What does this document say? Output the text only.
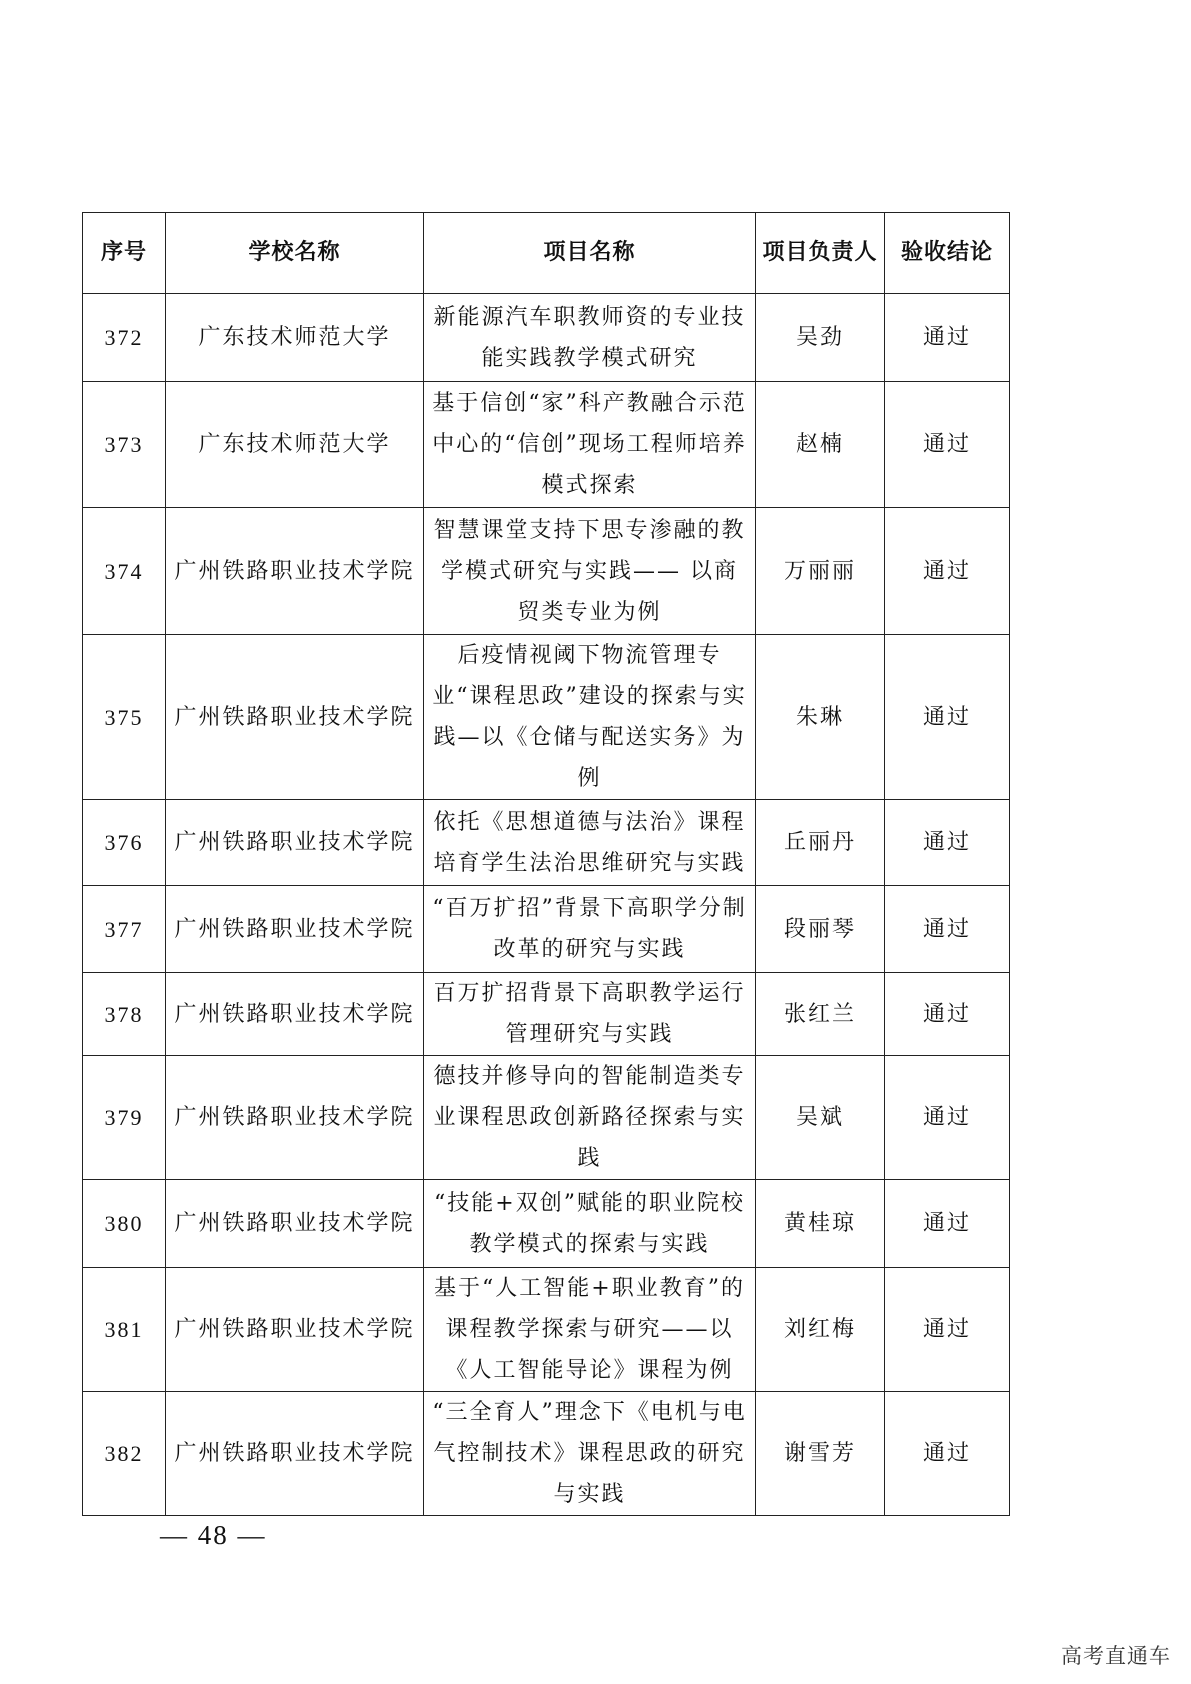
序号	学校名称	项目名称	项目负责人	验收结论
372	广东技术师范大学	新能源汽车职教师资的专业技能实践教学模式研究	吴劲	通过
373	广东技术师范大学	基于信创“家”科产教融合示范中心的“信创”现场工程师培养模式探索	赵楠	通过
374	广州铁路职业技术学院	智慧课堂支持下思专渗融的教学模式研究与实践—— 以商贸类专业为例	万丽丽	通过
375	广州铁路职业技术学院	后疫情视阈下物流管理专业“课程思政”建设的探索与实践—以《仓储与配送实务》为例	朱琳	通过
376	广州铁路职业技术学院	依托《思想道德与法治》课程培育学生法治思维研究与实践	丘丽丹	通过
377	广州铁路职业技术学院	“百万扩招”背景下高职学分制改革的研究与实践	段丽琴	通过
378	广州铁路职业技术学院	百万扩招背景下高职教学运行管理研究与实践	张红兰	通过
379	广州铁路职业技术学院	德技并修导向的智能制造类专业课程思政创新路径探索与实践	吴斌	通过
380	广州铁路职业技术学院	“技能+双创”赋能的职业院校教学模式的探索与实践	黄桂琼	通过
381	广州铁路职业技术学院	基于“人工智能+职业教育”的课程教学探索与研究——以《人工智能导论》课程为例	刘红梅	通过
382	广州铁路职业技术学院	“三全育人”理念下《电机与电气控制技术》课程思政的研究与实践	谢雪芳	通过
— 48 —
高考直通车
